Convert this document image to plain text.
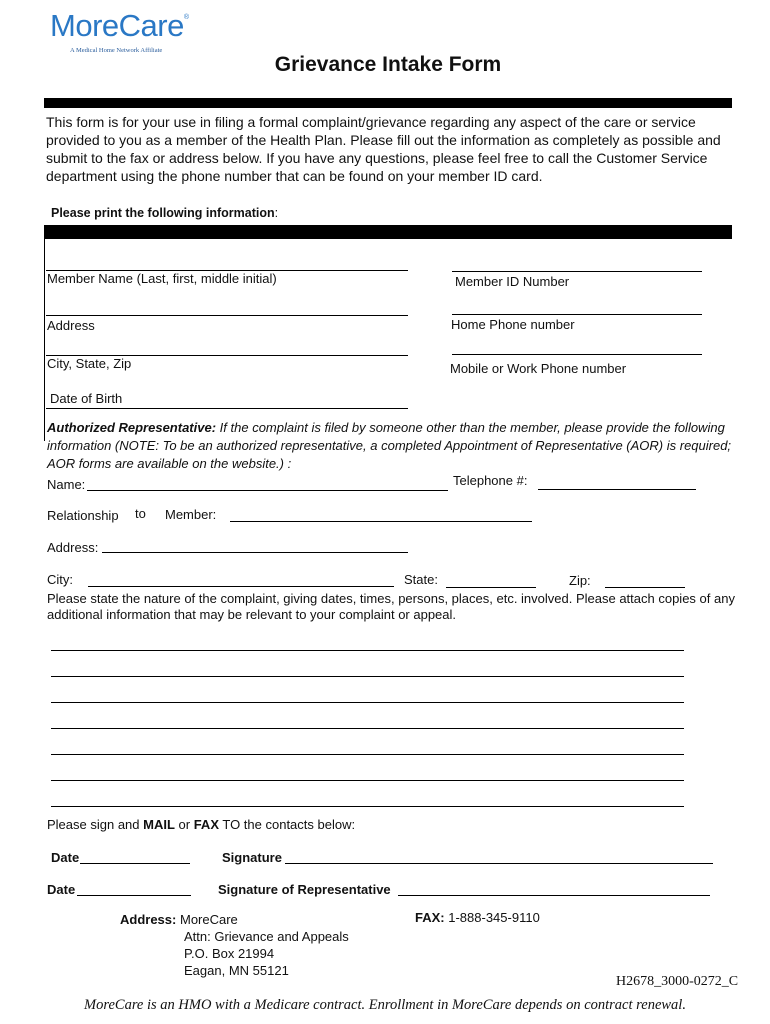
MoreCare®
A Medical Home Network Affiliate
Grievance Intake Form
This form is for your use in filing a formal complaint/grievance regarding any aspect of the care or service provided to you as a member of the Health Plan. Please fill out the information as completely as possible and submit to the fax or address below. If you have any questions, please feel free to call the Customer Service department using the phone number that can be found on your member ID card.
Please print the following information:
Member Name (Last, first, middle initial)	Member ID Number
Address	Home Phone number
City, State, Zip	Mobile or Work Phone number
Date of Birth
Authorized Representative: If the complaint is filed by someone other than the member, please provide the following information (NOTE: To be an authorized representative, a completed Appointment of Representative (AOR) is required; AOR forms are available on the website.) :
Name:	Telephone #:
Relationship to Member:
Address:
City:	State:	Zip:
Please state the nature of the complaint, giving dates, times, persons, places, etc. involved. Please attach copies of any additional information that may be relevant to your complaint or appeal.
Please sign and MAIL or FAX TO the contacts below:
Date	Signature
Date	Signature of Representative
Address: MoreCare
Attn: Grievance and Appeals
P.O. Box 21994
Eagan, MN 55121
FAX: 1-888-345-9110
H2678_3000-0272_C
MoreCare is an HMO with a Medicare contract. Enrollment in MoreCare depends on contract renewal.
